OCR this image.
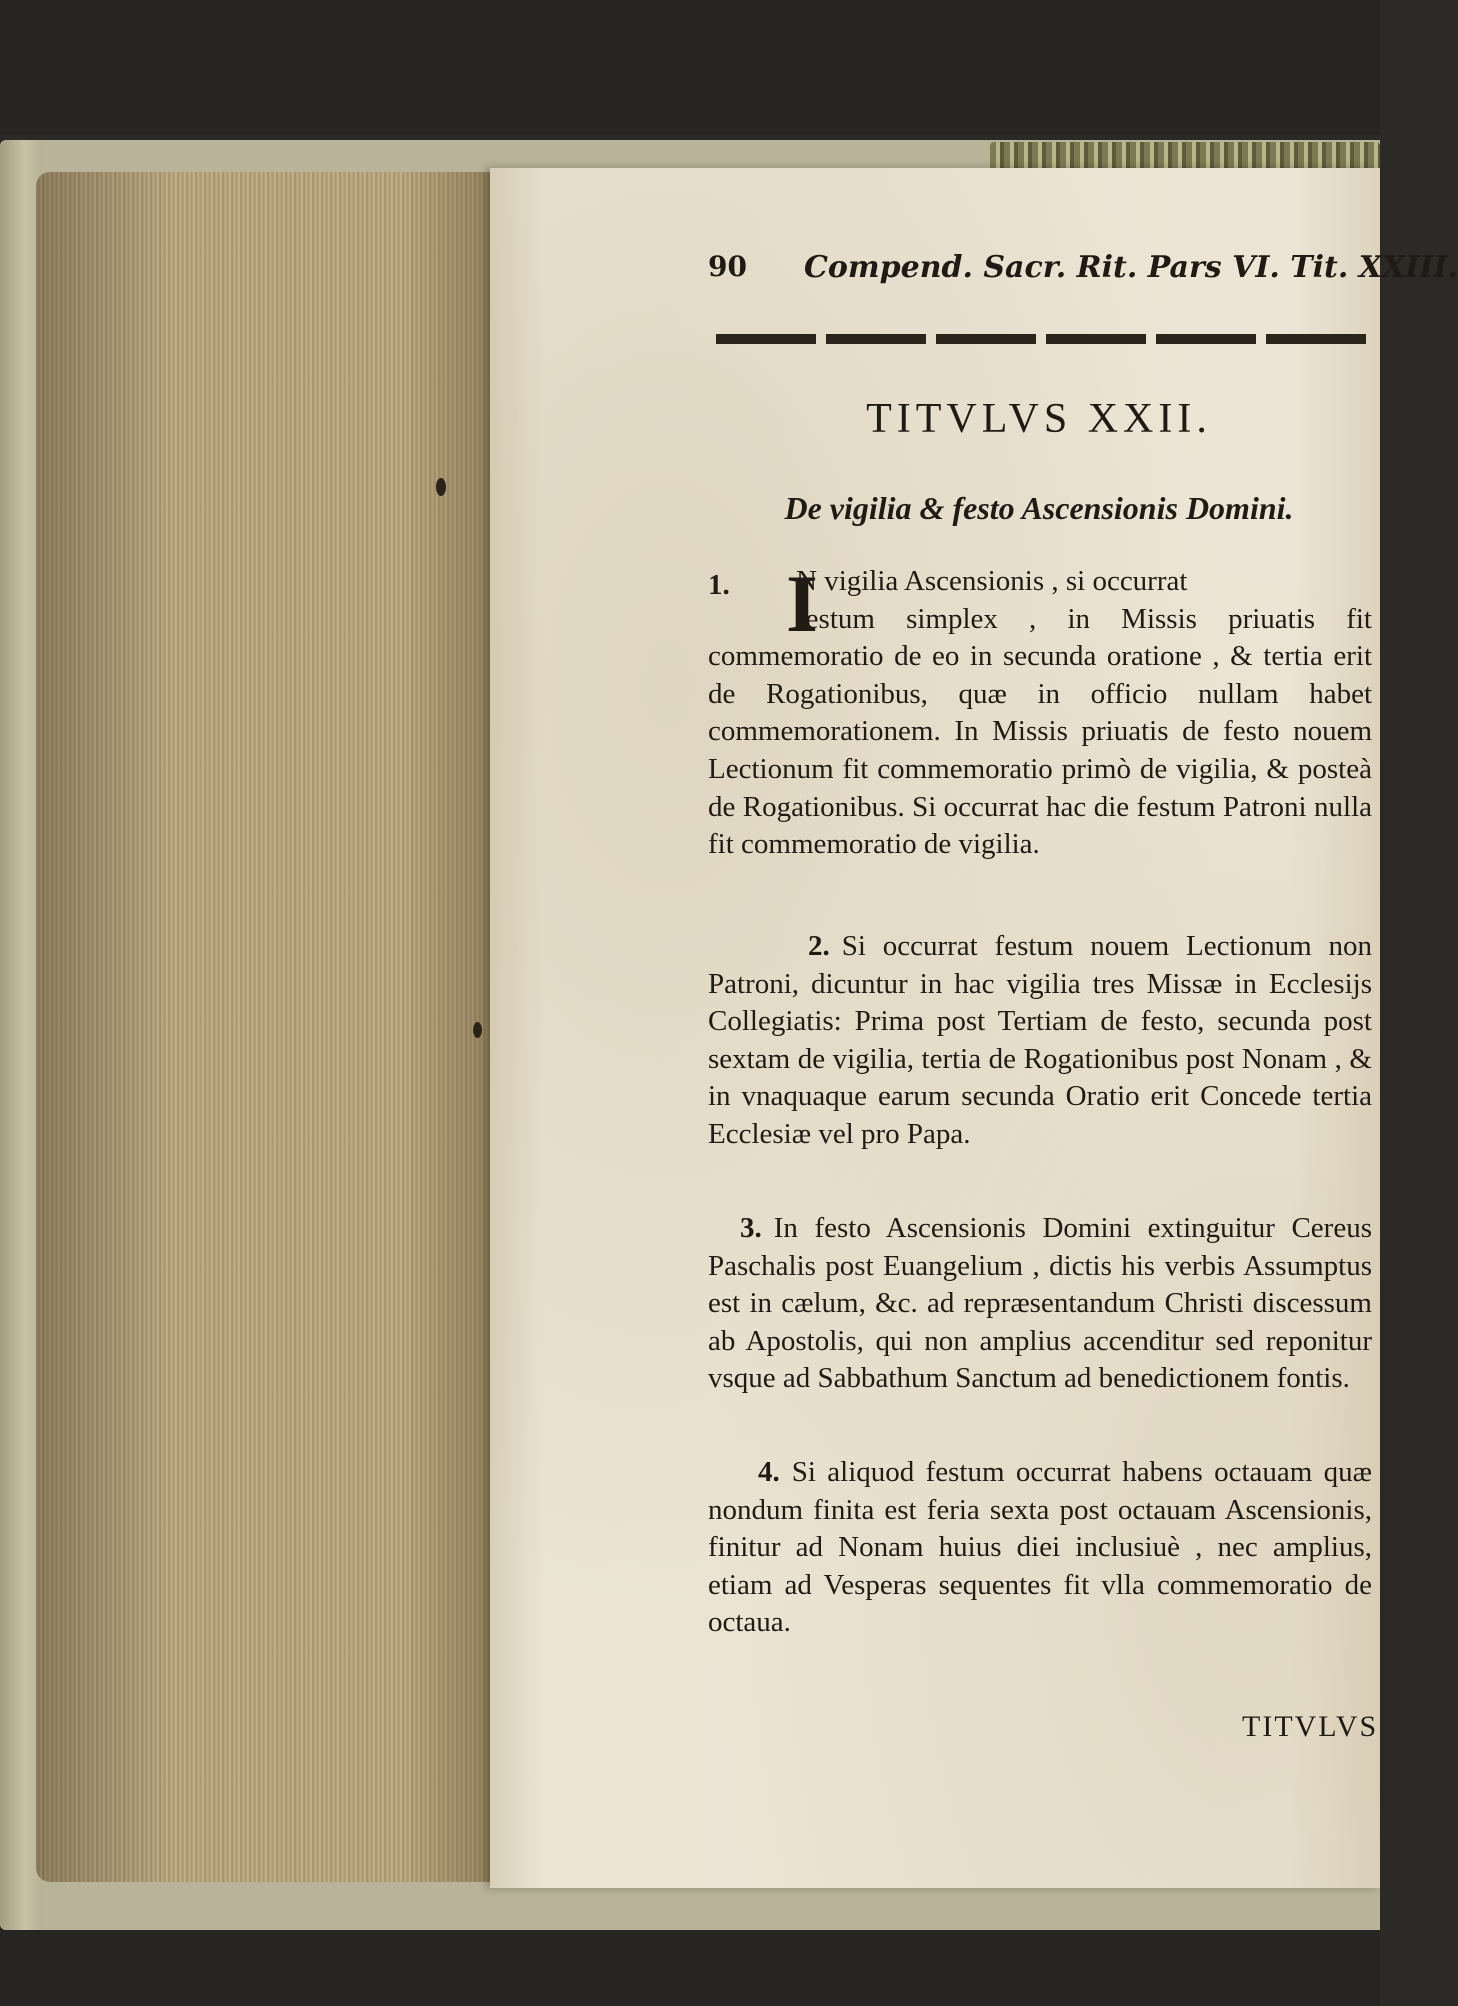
90 Compend. Sacr. Rit. Pars VI. Tit. XXIII.
TITVLVS XXII.
De vigilia & festo Ascensionis Domini.
1. I
N vigilia Ascensionis , si occurrat
festum simplex , in Missis priuatis fit commemoratio de eo in secunda oratione , & tertia erit de Rogationibus, quæ in officio nullam habet commemorationem. In Missis priuatis de festo nouem Lectionum fit commemoratio primò de vigilia, & posteà de Rogationibus. Si occurrat hac die festum Patroni nulla fit commemoratio de vigilia.
2. Si occurrat festum nouem Lectionum non Patroni, dicuntur in hac vigilia tres Missæ in Ecclesijs Collegiatis: Prima post Tertiam de festo, secunda post sextam de vigilia, tertia de Rogationibus post Nonam , & in vnaquaque earum secunda Oratio erit Concede tertia Ecclesiæ vel pro Papa.
3. In festo Ascensionis Domini extinguitur Cereus Paschalis post Euangelium , dictis his verbis Assumptus est in cælum, &c. ad repræsentandum Christi discessum ab Apostolis, qui non amplius accenditur sed reponitur vsque ad Sabbathum Sanctum ad benedictionem fontis.
4. Si aliquod festum occurrat habens octauam quæ nondum finita est feria sexta post octauam Ascensionis, finitur ad Nonam huius diei inclusiuè , nec amplius, etiam ad Vesperas sequentes fit vlla commemoratio de octaua.
TITVLVS
